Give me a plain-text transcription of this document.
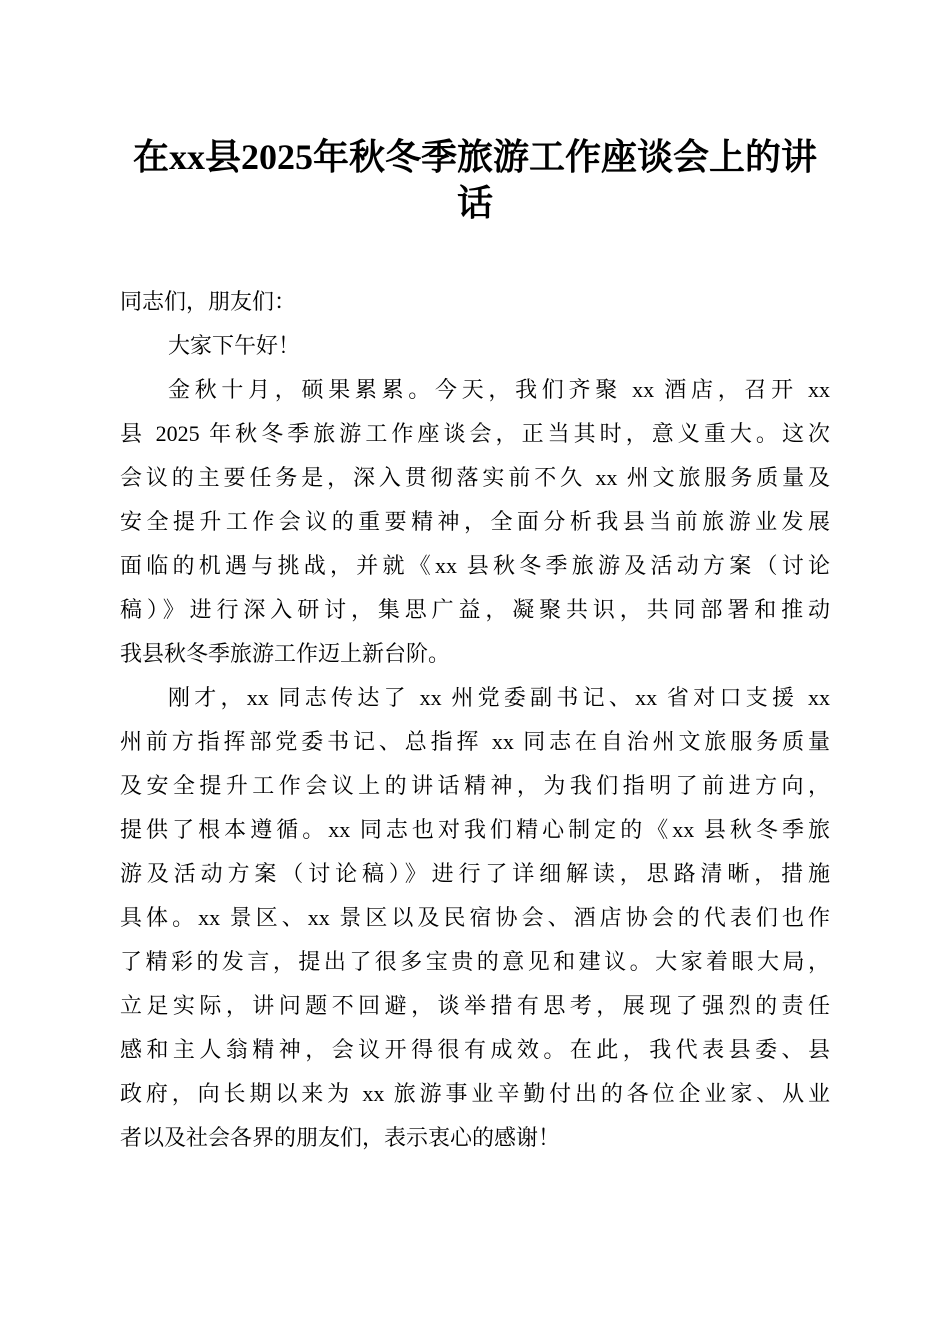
在xx县2025年秋冬季旅游工作座谈会上的讲
话
同志们，朋友们：
大家下午好！
金秋十月，硕果累累。今天，我们齐聚 xx 酒店，召开 xx
县 2025 年秋冬季旅游工作座谈会，正当其时，意义重大。这次
会议的主要任务是，深入贯彻落实前不久 xx 州文旅服务质量及
安全提升工作会议的重要精神，全面分析我县当前旅游业发展
面临的机遇与挑战，并就《xx 县秋冬季旅游及活动方案（讨论
稿）》进行深入研讨，集思广益，凝聚共识，共同部署和推动
我县秋冬季旅游工作迈上新台阶。
刚才，xx 同志传达了 xx 州党委副书记、xx 省对口支援 xx
州前方指挥部党委书记、总指挥 xx 同志在自治州文旅服务质量
及安全提升工作会议上的讲话精神，为我们指明了前进方向，
提供了根本遵循。xx 同志也对我们精心制定的《xx 县秋冬季旅
游及活动方案（讨论稿）》进行了详细解读，思路清晰，措施
具体。xx 景区、xx 景区以及民宿协会、酒店协会的代表们也作
了精彩的发言，提出了很多宝贵的意见和建议。大家着眼大局，
立足实际，讲问题不回避，谈举措有思考，展现了强烈的责任
感和主人翁精神，会议开得很有成效。在此，我代表县委、县
政府，向长期以来为 xx 旅游事业辛勤付出的各位企业家、从业
者以及社会各界的朋友们，表示衷心的感谢！
